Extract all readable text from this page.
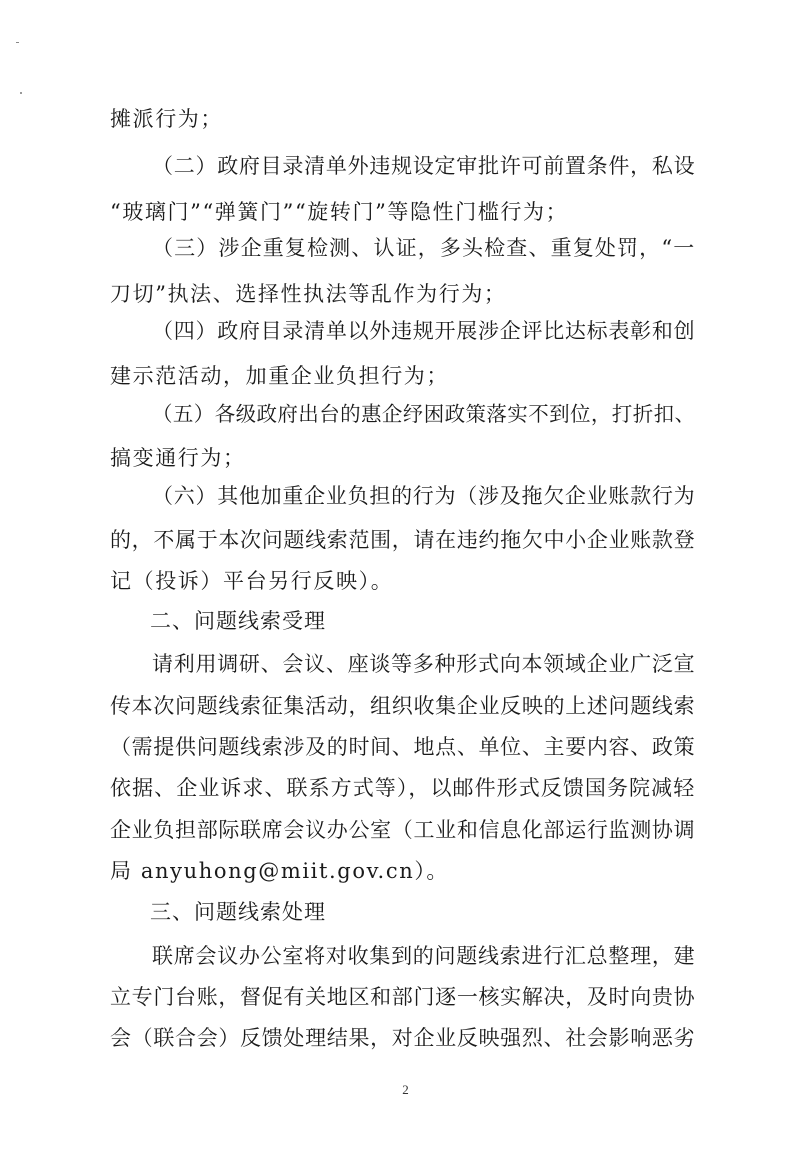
摊派行为；
（二）政府目录清单外违规设定审批许可前置条件，私设
“玻璃门”“弹簧门”“旋转门”等隐性门槛行为；
（三）涉企重复检测、认证，多头检查、重复处罚，“一
刀切”执法、选择性执法等乱作为行为；
（四）政府目录清单以外违规开展涉企评比达标表彰和创
建示范活动，加重企业负担行为；
（五）各级政府出台的惠企纾困政策落实不到位，打折扣、
搞变通行为；
（六）其他加重企业负担的行为（涉及拖欠企业账款行为
的，不属于本次问题线索范围，请在违约拖欠中小企业账款登
记（投诉）平台另行反映）。
二、问题线索受理
请利用调研、会议、座谈等多种形式向本领域企业广泛宣
传本次问题线索征集活动，组织收集企业反映的上述问题线索
（需提供问题线索涉及的时间、地点、单位、主要内容、政策
依据、企业诉求、联系方式等），以邮件形式反馈国务院减轻
企业负担部际联席会议办公室（工业和信息化部运行监测协调
局 anyuhong@miit.gov.cn）。
三、问题线索处理
联席会议办公室将对收集到的问题线索进行汇总整理，建
立专门台账，督促有关地区和部门逐一核实解决，及时向贵协
会（联合会）反馈处理结果，对企业反映强烈、社会影响恶劣
2
